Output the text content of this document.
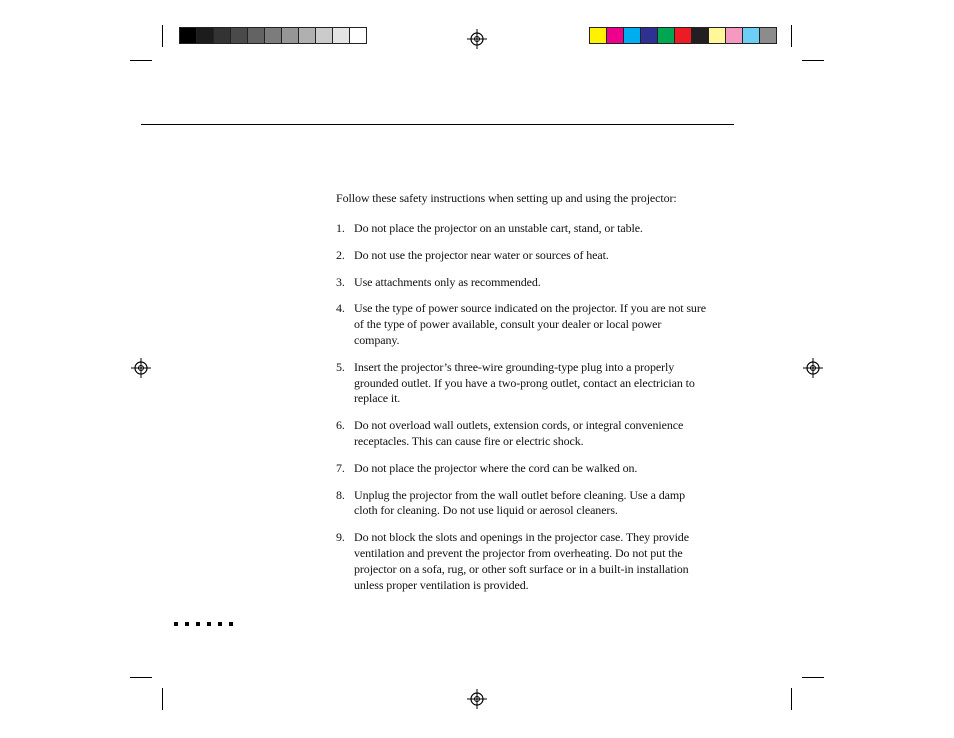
Follow these safety instructions when setting up and using the projector:
1. Do not place the projector on an unstable cart, stand, or table.
2. Do not use the projector near water or sources of heat.
3. Use attachments only as recommended.
4. Use the type of power source indicated on the projector. If you are not sure of the type of power available, consult your dealer or local power company.
5. Insert the projector’s three-wire grounding-type plug into a properly grounded outlet. If you have a two-prong outlet, contact an electrician to replace it.
6. Do not overload wall outlets, extension cords, or integral convenience receptacles. This can cause fire or electric shock.
7. Do not place the projector where the cord can be walked on.
8. Unplug the projector from the wall outlet before cleaning. Use a damp cloth for cleaning. Do not use liquid or aerosol cleaners.
9. Do not block the slots and openings in the projector case. They provide ventilation and prevent the projector from overheating. Do not put the projector on a sofa, rug, or other soft surface or in a built-in installation unless proper ventilation is provided.
